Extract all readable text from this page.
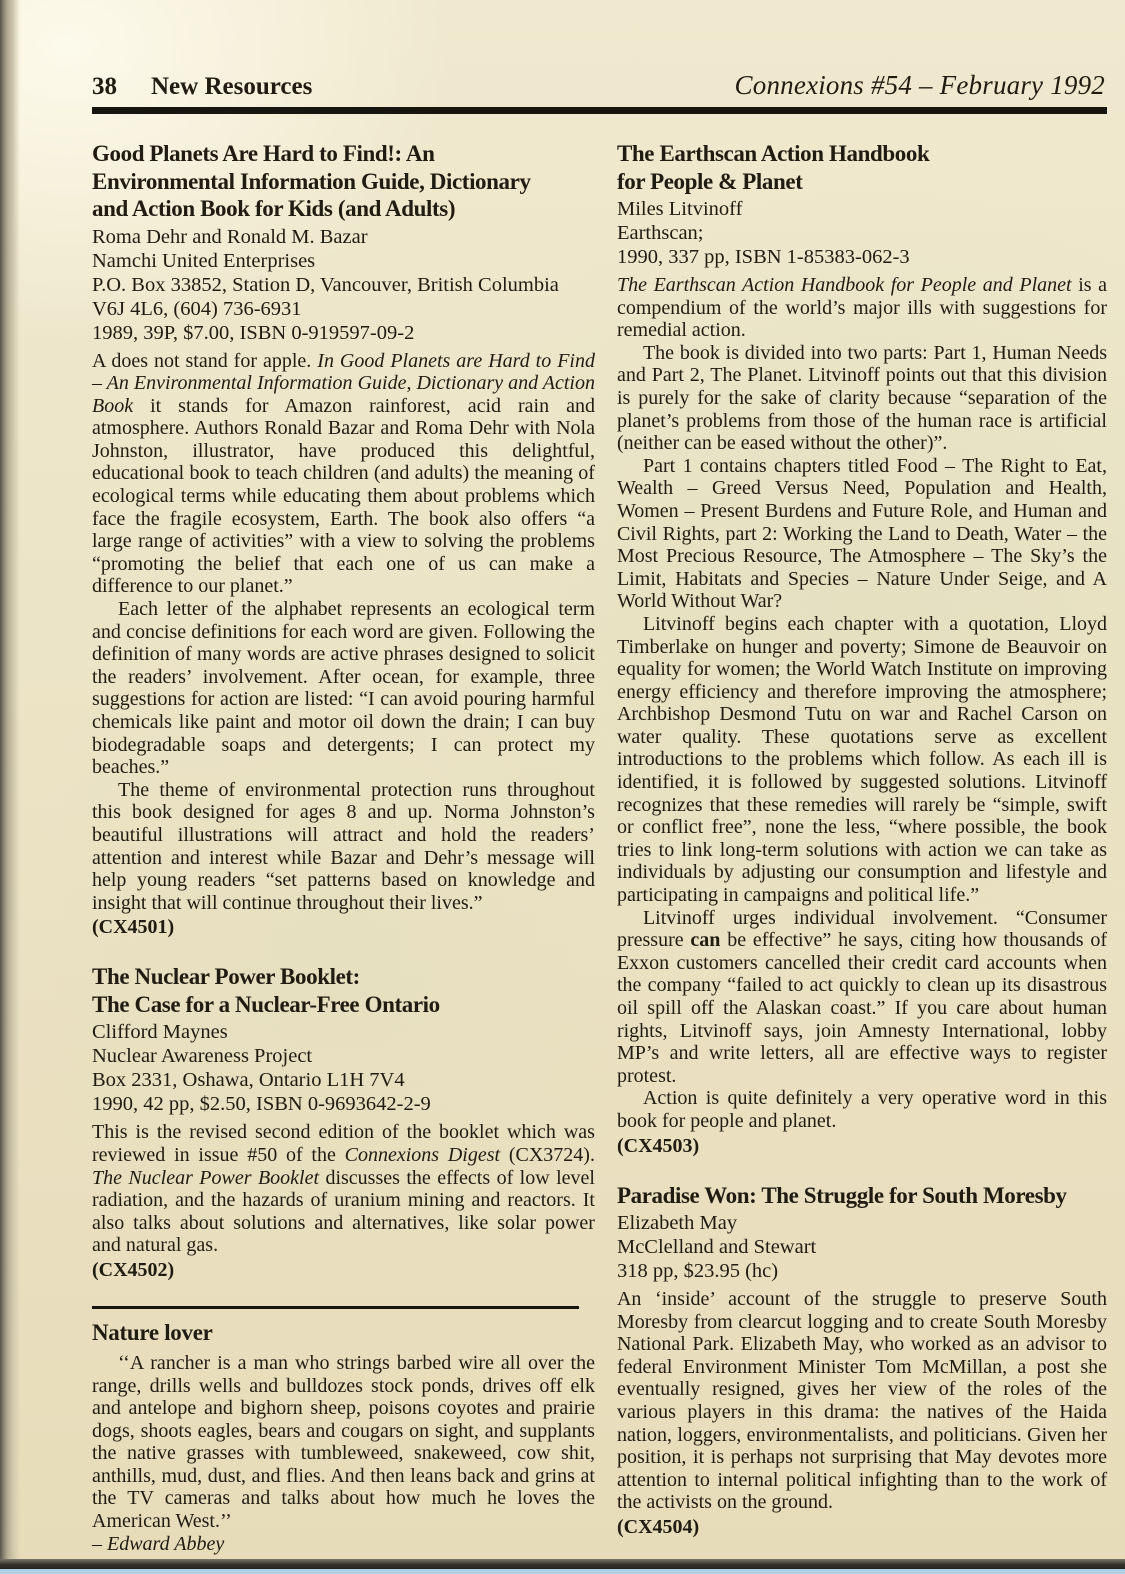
38 New Resources	Connexions #54 – February 1992
Good Planets Are Hard to Find!: An
Environmental Information Guide, Dictionary
and Action Book for Kids (and Adults)
Roma Dehr and Ronald M. Bazar
Namchi United Enterprises
P.O. Box 33852, Station D, Vancouver, British Columbia
V6J 4L6, (604) 736-6931
1989, 39P, $7.00, ISBN 0-919597-09-2

A does not stand for apple. In Good Planets are Hard to Find – An Environmental Information Guide, Dictionary and Action Book it stands for Amazon rainforest, acid rain and atmosphere. Authors Ronald Bazar and Roma Dehr with Nola Johnston, illustrator, have produced this delightful, educational book to teach children (and adults) the meaning of ecological terms while educating them about problems which face the fragile ecosystem, Earth. The book also offers “a large range of activities” with a view to solving the problems “promoting the belief that each one of us can make a difference to our planet.”

Each letter of the alphabet represents an ecological term and concise definitions for each word are given. Following the definition of many words are active phrases designed to solicit the readers’ involvement. After ocean, for example, three suggestions for action are listed: “I can avoid pouring harmful chemicals like paint and motor oil down the drain; I can buy biodegradable soaps and detergents; I can protect my beaches.”

The theme of environmental protection runs throughout this book designed for ages 8 and up. Norma Johnston’s beautiful illustrations will attract and hold the readers’ attention and interest while Bazar and Dehr’s message will help young readers “set patterns based on knowledge and insight that will continue throughout their lives.”

(CX4501)
The Nuclear Power Booklet:
The Case for a Nuclear-Free Ontario
Clifford Maynes
Nuclear Awareness Project
Box 2331, Oshawa, Ontario L1H 7V4
1990, 42 pp, $2.50, ISBN 0-9693642-2-9

This is the revised second edition of the booklet which was reviewed in issue #50 of the Connexions Digest (CX3724). The Nuclear Power Booklet discusses the effects of low level radiation, and the hazards of uranium mining and reactors. It also talks about solutions and alternatives, like solar power and natural gas.

(CX4502)
Nature lover

‘‘A rancher is a man who strings barbed wire all over the range, drills wells and bulldozes stock ponds, drives off elk and antelope and bighorn sheep, poisons coyotes and prairie dogs, shoots eagles, bears and cougars on sight, and supplants the native grasses with tumbleweed, snakeweed, cow shit, anthills, mud, dust, and flies. And then leans back and grins at the TV cameras and talks about how much he loves the American West.’’

– Edward Abbey

The Earthscan Action Handbook
for People & Planet
Miles Litvinoff
Earthscan;
1990, 337 pp, ISBN 1-85383-062-3

The Earthscan Action Handbook for People and Planet is a compendium of the world’s major ills with suggestions for remedial action.

The book is divided into two parts: Part 1, Human Needs and Part 2, The Planet. Litvinoff points out that this division is purely for the sake of clarity because “separation of the planet’s problems from those of the human race is artificial (neither can be eased without the other)”.

Part 1 contains chapters titled Food – The Right to Eat, Wealth – Greed Versus Need, Population and Health, Women – Present Burdens and Future Role, and Human and Civil Rights, part 2: Working the Land to Death, Water – the Most Precious Resource, The Atmosphere – The Sky’s the Limit, Habitats and Species – Nature Under Seige, and A World Without War?

Litvinoff begins each chapter with a quotation, Lloyd Timberlake on hunger and poverty; Simone de Beauvoir on equality for women; the World Watch Institute on improving energy efficiency and therefore improving the atmosphere; Archbishop Desmond Tutu on war and Rachel Carson on water quality. These quotations serve as excellent introductions to the problems which follow. As each ill is identified, it is followed by suggested solutions. Litvinoff recognizes that these remedies will rarely be “simple, swift or conflict free”, none the less, “where possible, the book tries to link long-term solutions with action we can take as individuals by adjusting our consumption and lifestyle and participating in campaigns and political life.”

Litvinoff urges individual involvement. “Consumer pressure can be effective” he says, citing how thousands of Exxon customers cancelled their credit card accounts when the company “failed to act quickly to clean up its disastrous oil spill off the Alaskan coast.” If you care about human rights, Litvinoff says, join Amnesty International, lobby MP’s and write letters, all are effective ways to register protest.

Action is quite definitely a very operative word in this book for people and planet.

(CX4503)
Paradise Won: The Struggle for South Moresby
Elizabeth May
McClelland and Stewart
318 pp, $23.95 (hc)

An ‘inside’ account of the struggle to preserve South Moresby from clearcut logging and to create South Moresby National Park. Elizabeth May, who worked as an advisor to federal Environment Minister Tom McMillan, a post she eventually resigned, gives her view of the roles of the various players in this drama: the natives of the Haida nation, loggers, environmentalists, and politicians. Given her position, it is perhaps not surprising that May devotes more attention to internal political infighting than to the work of the activists on the ground.

(CX4504)
